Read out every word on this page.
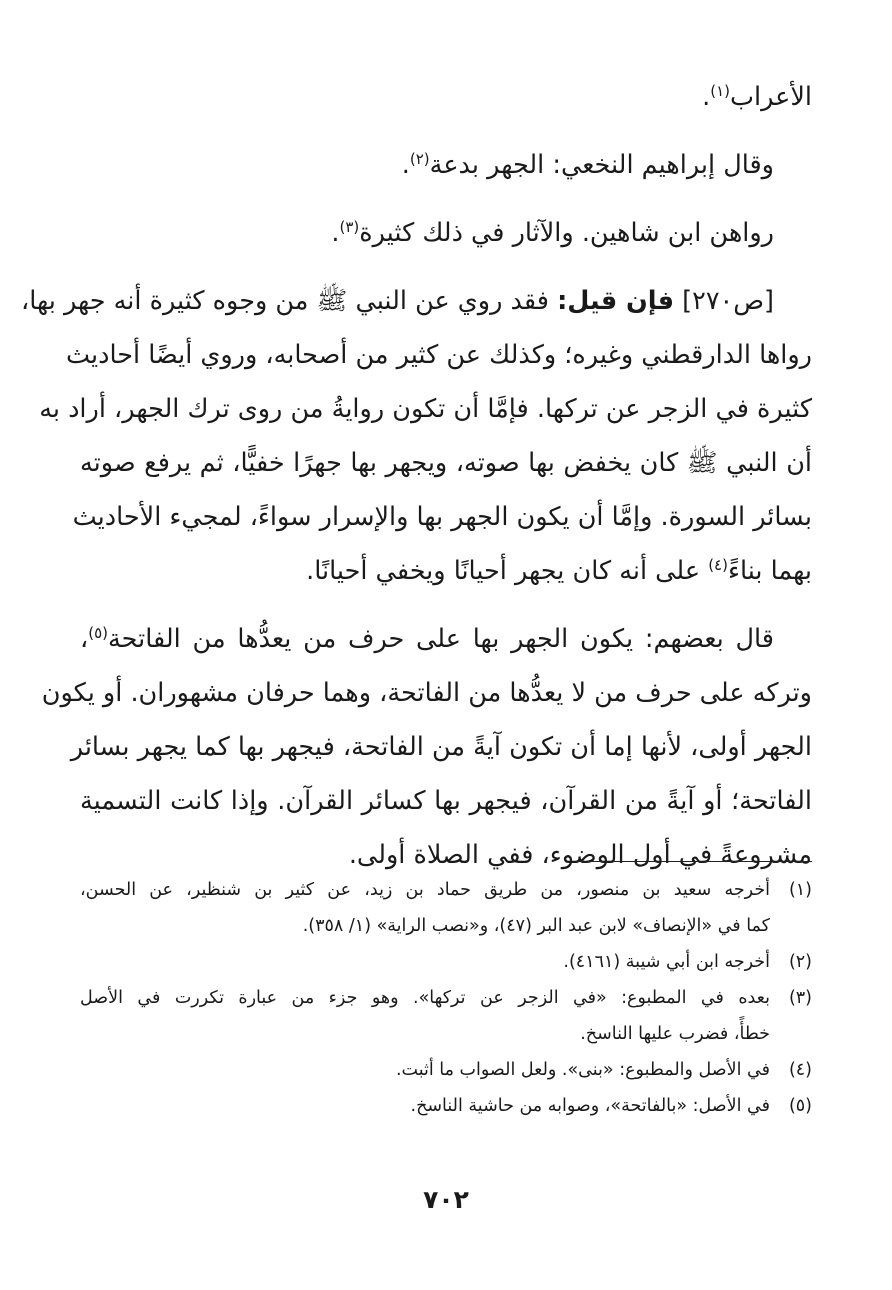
الأعراب$^{(١)}$.
وقال إبراهيم النخعي: الجهر بدعة$^{(٢)}$.
رواهن ابن شاهين. والآثار في ذلك كثيرة$^{(٣)}$.
[ص٢٧٠] فإن قيل: فقد روي عن النبي ﷺ من وجوه كثيرة أنه جهر بها،
رواها الدارقطني وغيره؛ وكذلك عن كثير من أصحابه، وروي أيضًا أحاديث
كثيرة في الزجر عن تركها. فإمَّا أن تكون روايةُ من روى ترك الجهر، أراد به
أن النبي ﷺ كان يخفض بها صوته، ويجهر بها جهرًا خفيًّا، ثم يرفع صوته
بسائر السورة. وإمَّا أن يكون الجهر بها والإسرار سواءً، لمجيء الأحاديث
بهما بناءً$^{(٤)}$ على أنه كان يجهر أحيانًا ويخفي أحيانًا.
قال بعضهم: يكون الجهر بها على حرف من يعدُّها من الفاتحة$^{(٥)}$،
وتركه على حرف من لا يعدُّها من الفاتحة، وهما حرفان مشهوران. أو يكون
الجهر أولى، لأنها إما أن تكون آيةً من الفاتحة، فيجهر بها كما يجهر بسائر
الفاتحة؛ أو آيةً من القرآن، فيجهر بها كسائر القرآن. وإذا كانت التسمية
مشروعةً في أول الوضوء، ففي الصلاة أولى.
(١)أخرجه سعيد بن منصور، من طريق حماد بن زيد، عن كثير بن شنظير، عن الحسن،
كما في «الإنصاف» لابن عبد البر (٤٧)، و«نصب الراية» (١/ ٣٥٨).
(٢)أخرجه ابن أبي شيبة (٤١٦١).
(٣)بعده في المطبوع: «في الزجر عن تركها». وهو جزء من عبارة تكررت في الأصل
خطأً، فضرب عليها الناسخ.
(٤)في الأصل والمطبوع: «بنى». ولعل الصواب ما أثبت.
(٥)في الأصل: «بالفاتحة»، وصوابه من حاشية الناسخ.
٧٠٢
